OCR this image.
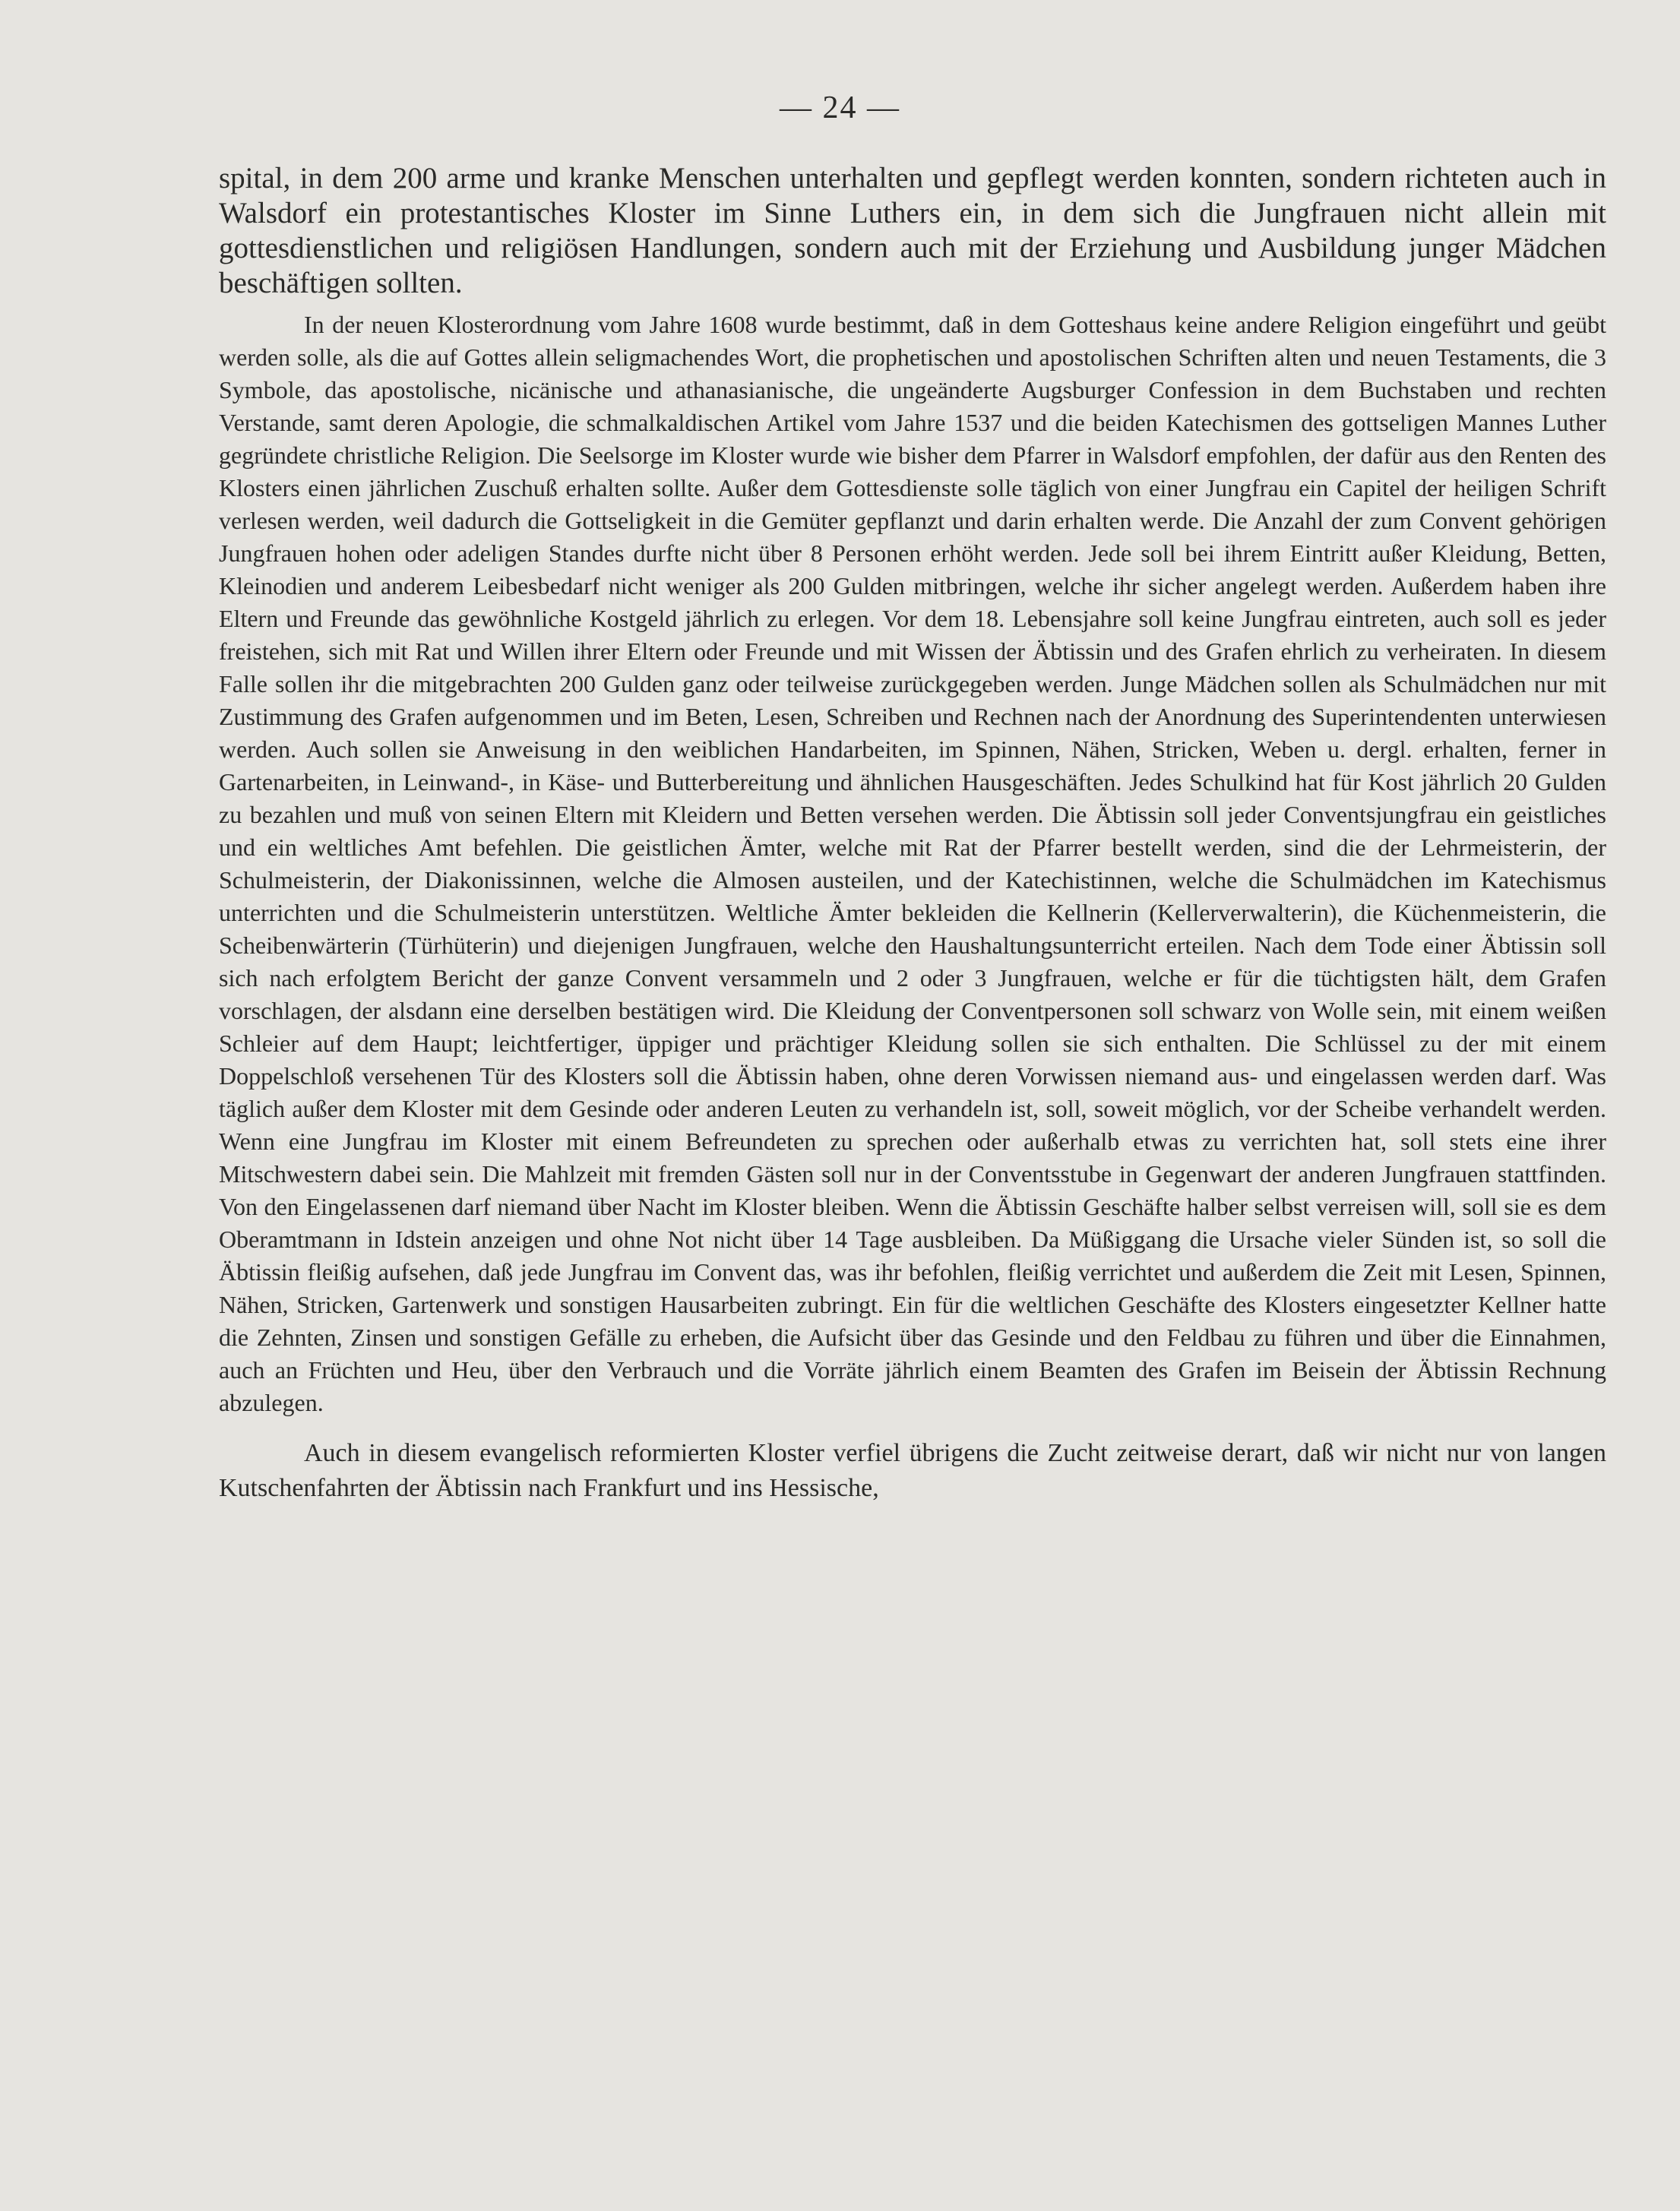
— 24 —

spital, in dem 200 arme und kranke Menschen unterhalten und gepflegt werden konnten, sondern richteten auch in Walsdorf ein protestantisches Kloster im Sinne Luthers ein, in dem sich die Jungfrauen nicht allein mit gottesdienstlichen und religiösen Handlungen, sondern auch mit der Erziehung und Ausbildung junger Mädchen beschäftigen sollten.

In der neuen Klosterordnung vom Jahre 1608 wurde bestimmt, daß in dem Gotteshaus keine andere Religion eingeführt und geübt werden solle, als die auf Gottes allein seligmachendes Wort, die prophetischen und apostolischen Schriften alten und neuen Testaments, die 3 Symbole, das apostolische, nicänische und athanasianische, die ungeänderte Augsburger Confession in dem Buchstaben und rechten Verstande, samt deren Apologie, die schmalkaldischen Artikel vom Jahre 1537 und die beiden Katechismen des gottseligen Mannes Luther gegründete christliche Religion. Die Seelsorge im Kloster wurde wie bisher dem Pfarrer in Walsdorf empfohlen, der dafür aus den Renten des Klosters einen jährlichen Zuschuß erhalten sollte. Außer dem Gottesdienste solle täglich von einer Jungfrau ein Capitel der heiligen Schrift verlesen werden, weil dadurch die Gottseligkeit in die Gemüter gepflanzt und darin erhalten werde. Die Anzahl der zum Convent gehörigen Jungfrauen hohen oder adeligen Standes durfte nicht über 8 Personen erhöht werden. Jede soll bei ihrem Eintritt außer Kleidung, Betten, Kleinodien und anderem Leibesbedarf nicht weniger als 200 Gulden mitbringen, welche ihr sicher angelegt werden. Außerdem haben ihre Eltern und Freunde das gewöhnliche Kostgeld jährlich zu erlegen. Vor dem 18. Lebensjahre soll keine Jungfrau eintreten, auch soll es jeder freistehen, sich mit Rat und Willen ihrer Eltern oder Freunde und mit Wissen der Äbtissin und des Grafen ehrlich zu verheiraten. In diesem Falle sollen ihr die mitgebrachten 200 Gulden ganz oder teilweise zurückgegeben werden. Junge Mädchen sollen als Schulmädchen nur mit Zustimmung des Grafen aufgenommen und im Beten, Lesen, Schreiben und Rechnen nach der Anordnung des Superintendenten unterwiesen werden. Auch sollen sie Anweisung in den weiblichen Handarbeiten, im Spinnen, Nähen, Stricken, Weben u. dergl. erhalten, ferner in Gartenarbeiten, in Leinwand-, in Käse- und Butterbereitung und ähnlichen Hausgeschäften. Jedes Schulkind hat für Kost jährlich 20 Gulden zu bezahlen und muß von seinen Eltern mit Kleidern und Betten versehen werden. Die Äbtissin soll jeder Conventsjungfrau ein geistliches und ein weltliches Amt befehlen. Die geistlichen Ämter, welche mit Rat der Pfarrer bestellt werden, sind die der Lehrmeisterin, der Schulmeisterin, der Diakonissinnen, welche die Almosen austeilen, und der Katechistinnen, welche die Schulmädchen im Katechismus unterrichten und die Schulmeisterin unterstützen. Weltliche Ämter bekleiden die Kellnerin (Kellerverwalterin), die Küchenmeisterin, die Scheibenwärterin (Türhüterin) und diejenigen Jungfrauen, welche den Haushaltungsunterricht erteilen. Nach dem Tode einer Äbtissin soll sich nach erfolgtem Bericht der ganze Convent versammeln und 2 oder 3 Jungfrauen, welche er für die tüchtigsten hält, dem Grafen vorschlagen, der alsdann eine derselben bestätigen wird. Die Kleidung der Conventpersonen soll schwarz von Wolle sein, mit einem weißen Schleier auf dem Haupt; leichtfertiger, üppiger und prächtiger Kleidung sollen sie sich enthalten. Die Schlüssel zu der mit einem Doppelschloß versehenen Tür des Klosters soll die Äbtissin haben, ohne deren Vorwissen niemand aus- und eingelassen werden darf. Was täglich außer dem Kloster mit dem Gesinde oder anderen Leuten zu verhandeln ist, soll, soweit möglich, vor der Scheibe verhandelt werden. Wenn eine Jungfrau im Kloster mit einem Befreundeten zu sprechen oder außerhalb etwas zu verrichten hat, soll stets eine ihrer Mitschwestern dabei sein. Die Mahlzeit mit fremden Gästen soll nur in der Conventsstube in Gegenwart der anderen Jungfrauen stattfinden. Von den Eingelassenen darf niemand über Nacht im Kloster bleiben. Wenn die Äbtissin Geschäfte halber selbst verreisen will, soll sie es dem Oberamtmann in Idstein anzeigen und ohne Not nicht über 14 Tage ausbleiben. Da Müßiggang die Ursache vieler Sünden ist, so soll die Äbtissin fleißig aufsehen, daß jede Jungfrau im Convent das, was ihr befohlen, fleißig verrichtet und außerdem die Zeit mit Lesen, Spinnen, Nähen, Stricken, Gartenwerk und sonstigen Hausarbeiten zubringt. Ein für die weltlichen Geschäfte des Klosters eingesetzter Kellner hatte die Zehnten, Zinsen und sonstigen Gefälle zu erheben, die Aufsicht über das Gesinde und den Feldbau zu führen und über die Einnahmen, auch an Früchten und Heu, über den Verbrauch und die Vorräte jährlich einem Beamten des Grafen im Beisein der Äbtissin Rechnung abzulegen.

Auch in diesem evangelisch reformierten Kloster verfiel übrigens die Zucht zeitweise derart, daß wir nicht nur von langen Kutschenfahrten der Äbtissin nach Frankfurt und ins Hessische,
